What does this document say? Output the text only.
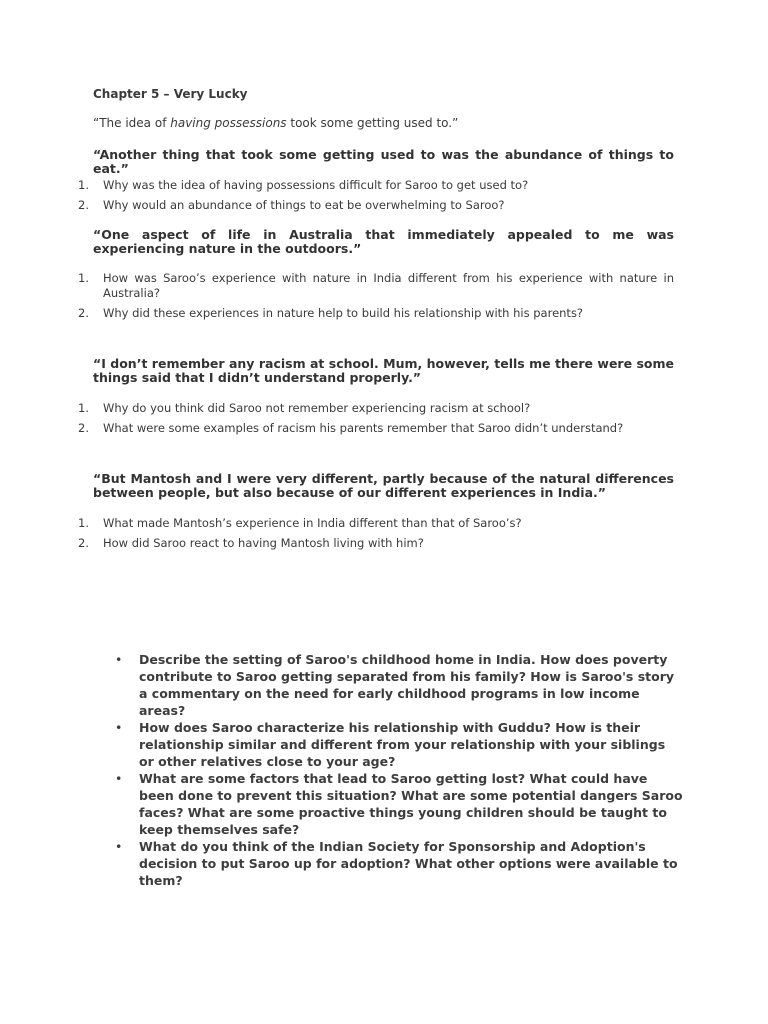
Chapter 5 – Very Lucky
“The idea of having possessions took some getting used to.”
“Another thing that took some getting used to was the abundance of things to eat.”
1. Why was the idea of having possessions difficult for Saroo to get used to?
2. Why would an abundance of things to eat be overwhelming to Saroo?
“One aspect of life in Australia that immediately appealed to me was experiencing nature in the outdoors.”
1. How was Saroo’s experience with nature in India different from his experience with nature in Australia?
2. Why did these experiences in nature help to build his relationship with his parents?
“I don’t remember any racism at school. Mum, however, tells me there were some things said that I didn’t understand properly.”
1. Why do you think did Saroo not remember experiencing racism at school?
2. What were some examples of racism his parents remember that Saroo didn’t understand?
“But Mantosh and I were very different, partly because of the natural differences between people, but also because of our different experiences in India.”
1. What made Mantosh’s experience in India different than that of Saroo’s?
2. How did Saroo react to having Mantosh living with him?
• Describe the setting of Saroo's childhood home in India. How does poverty contribute to Saroo getting separated from his family? How is Saroo's story a commentary on the need for early childhood programs in low income areas?
• How does Saroo characterize his relationship with Guddu? How is their relationship similar and different from your relationship with your siblings or other relatives close to your age?
• What are some factors that lead to Saroo getting lost? What could have been done to prevent this situation? What are some potential dangers Saroo faces? What are some proactive things young children should be taught to keep themselves safe?
• What do you think of the Indian Society for Sponsorship and Adoption's decision to put Saroo up for adoption? What other options were available to them?
